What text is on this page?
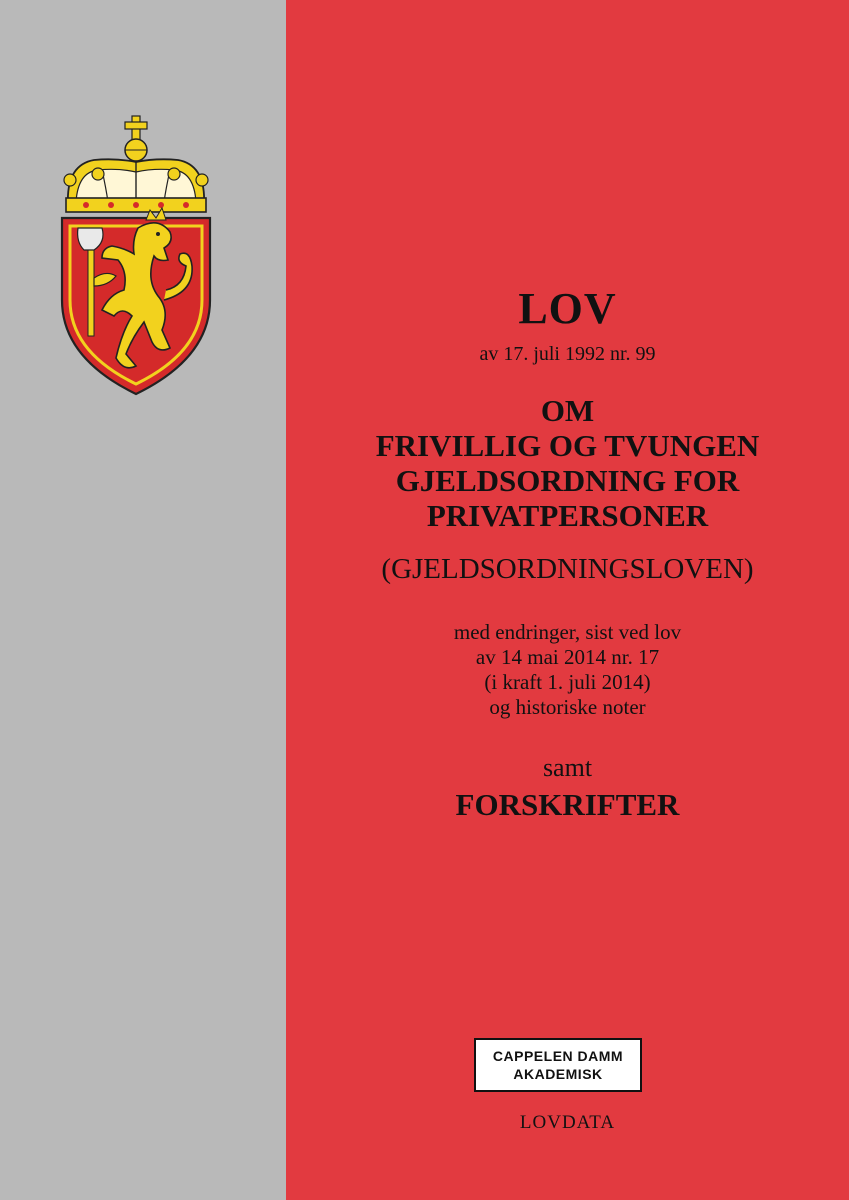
LOV
av 17. juli 1992 nr. 99
OM
FRIVILLIG OG TVUNGEN
GJELDSORDNING FOR
PRIVATPERSONER
(GJELDSORDNINGSLOVEN)
med endringer, sist ved lov
av 14 mai 2014 nr. 17
(i kraft 1. juli 2014)
og historiske noter
samt
FORSKRIFTER
CAPPELEN DAMM
AKADEMISK
LOVDATA
